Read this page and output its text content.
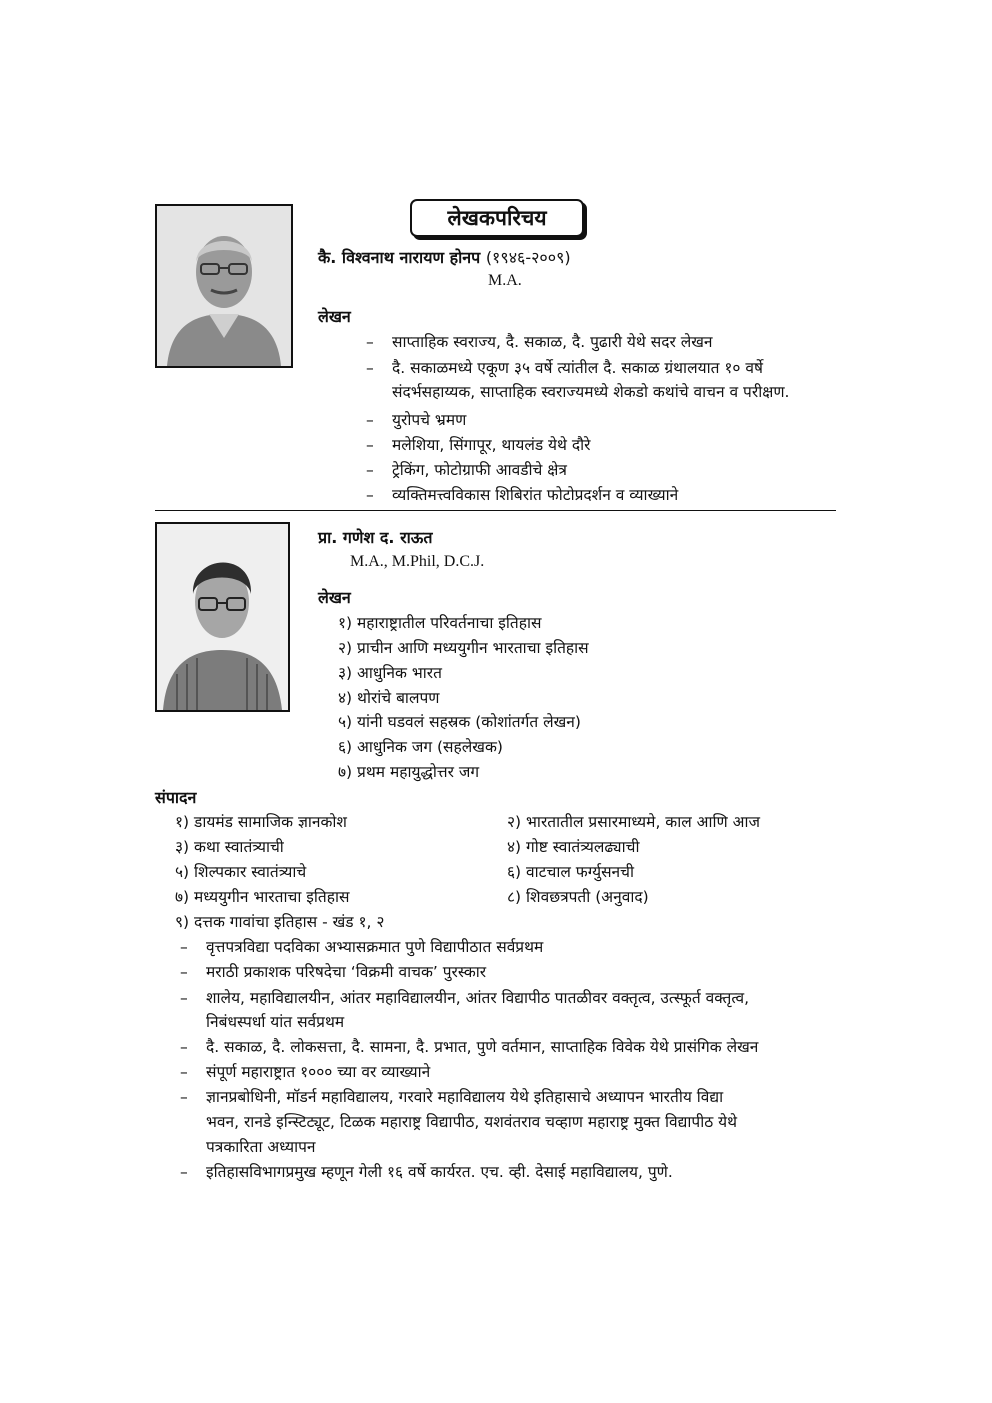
लेखकपरिचय
कै. विश्वनाथ नारायण होनप (१९४६-२००९)
M.A.
लेखन
– साप्ताहिक स्वराज्य, दै. सकाळ, दै. पुढारी येथे सदर लेखन
– दै. सकाळमध्ये एकूण ३५ वर्षे त्यांतील दै. सकाळ ग्रंथालयात १० वर्षे
संदर्भसहाय्यक, साप्ताहिक स्वराज्यमध्ये शेकडो कथांचे वाचन व परीक्षण.
– युरोपचे भ्रमण
– मलेशिया, सिंगापूर, थायलंड येथे दौरे
– ट्रेकिंग, फोटोग्राफी आवडीचे क्षेत्र
– व्यक्तिमत्त्वविकास शिबिरांत फोटोप्रदर्शन व व्याख्याने
प्रा. गणेश द. राऊत
M.A., M.Phil, D.C.J.
लेखन
१) महाराष्ट्रातील परिवर्तनाचा इतिहास
२) प्राचीन आणि मध्ययुगीन भारताचा इतिहास
३) आधुनिक भारत
४) थोरांचे बालपण
५) यांनी घडवलं सहस्रक (कोशांतर्गत लेखन)
६) आधुनिक जग (सहलेखक)
७) प्रथम महायुद्धोत्तर जग
संपादन
१) डायमंड सामाजिक ज्ञानकोश
३) कथा स्वातंत्र्याची
५) शिल्पकार स्वातंत्र्याचे
७) मध्ययुगीन भारताचा इतिहास
२) भारतातील प्रसारमाध्यमे, काल आणि आज
४) गोष्ट स्वातंत्र्यलढ्याची
६) वाटचाल फर्ग्युसनची
८) शिवछत्रपती (अनुवाद)
९) दत्तक गावांचा इतिहास - खंड १, २
– वृत्तपत्रविद्या पदविका अभ्यासक्रमात पुणे विद्यापीठात सर्वप्रथम
– मराठी प्रकाशक परिषदेचा ‘विक्रमी वाचक’ पुरस्कार
– शालेय, महाविद्यालयीन, आंतर महाविद्यालयीन, आंतर विद्यापीठ पातळीवर वक्तृत्व, उत्स्फूर्त वक्तृत्व,
निबंधस्पर्धा यांत सर्वप्रथम
– दै. सकाळ, दै. लोकसत्ता, दै. सामना, दै. प्रभात, पुणे वर्तमान, साप्ताहिक विवेक येथे प्रासंगिक लेखन
– संपूर्ण महाराष्ट्रात १००० च्या वर व्याख्याने
– ज्ञानप्रबोधिनी, मॉडर्न महाविद्यालय, गरवारे महाविद्यालय येथे इतिहासाचे अध्यापन भारतीय विद्या
भवन, रानडे इन्स्टिट्यूट, टिळक महाराष्ट्र विद्यापीठ, यशवंतराव चव्हाण महाराष्ट्र मुक्त विद्यापीठ येथे
पत्रकारिता अध्यापन
– इतिहासविभागप्रमुख म्हणून गेली १६ वर्षे कार्यरत. एच. व्ही. देसाई महाविद्यालय, पुणे.
